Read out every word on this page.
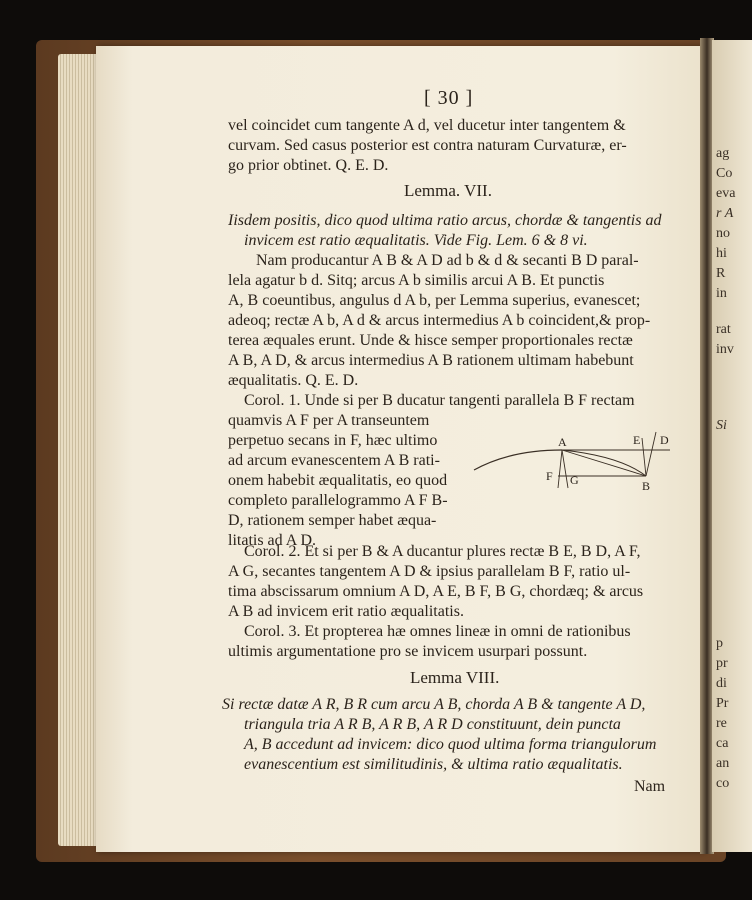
ag
Co
eva
r A
no
hi
R
in
rat
inv
Si
p
pr
di
Pr
re
ca
an
co
[ 30 ]
vel coincidet cum tangente A d, vel ducetur inter tangentem &
curvam. Sed casus posterior est contra naturam Curvaturæ, er-
go prior obtinet. Q. E. D.
Lemma. VII.
Iisdem positis, dico quod ultima ratio arcus, chordæ & tangentis ad
invicem est ratio æqualitatis. Vide Fig. Lem. 6 & 8 vi.
Nam producantur A B & A D ad b & d & secanti B D paral-
lela agatur b d. Sitq; arcus A b similis arcui A B. Et punctis
A, B coeuntibus, angulus d A b, per Lemma superius, evanescet;
adeoq; rectæ A b, A d & arcus intermedius A b coincident,& prop-
terea æquales erunt. Unde & hisce semper proportionales rectæ
A B, A D, & arcus intermedius A B rationem ultimam habebunt
æqualitatis. Q. E. D.
Corol. 1. Unde si per B ducatur tangenti parallela B F rectam
quamvis A F per A transeuntem
perpetuo secans in F, hæc ultimo
ad arcum evanescentem A B rati-
onem habebit æqualitatis, eo quod
completo parallelogrammo A F B-
D, rationem semper habet æqua-
litatis ad A D.
A	E D
F G	B
Corol. 2. Et si per B & A ducantur plures rectæ B E, B D, A F,
A G, secantes tangentem A D & ipsius parallelam B F, ratio ul-
tima abscissarum omnium A D, A E, B F, B G, chordæq; & arcus
A B ad invicem erit ratio æqualitatis.
Corol. 3. Et propterea hæ omnes lineæ in omni de rationibus
ultimis argumentatione pro se invicem usurpari possunt.
Lemma VIII.
Si rectæ datæ A R, B R cum arcu A B, chorda A B & tangente A D,
triangula tria A R B, A R B, A R D constituunt, dein puncta
A, B accedunt ad invicem: dico quod ultima forma triangulorum
evanescentium est similitudinis, & ultima ratio æqualitatis.
Nam
